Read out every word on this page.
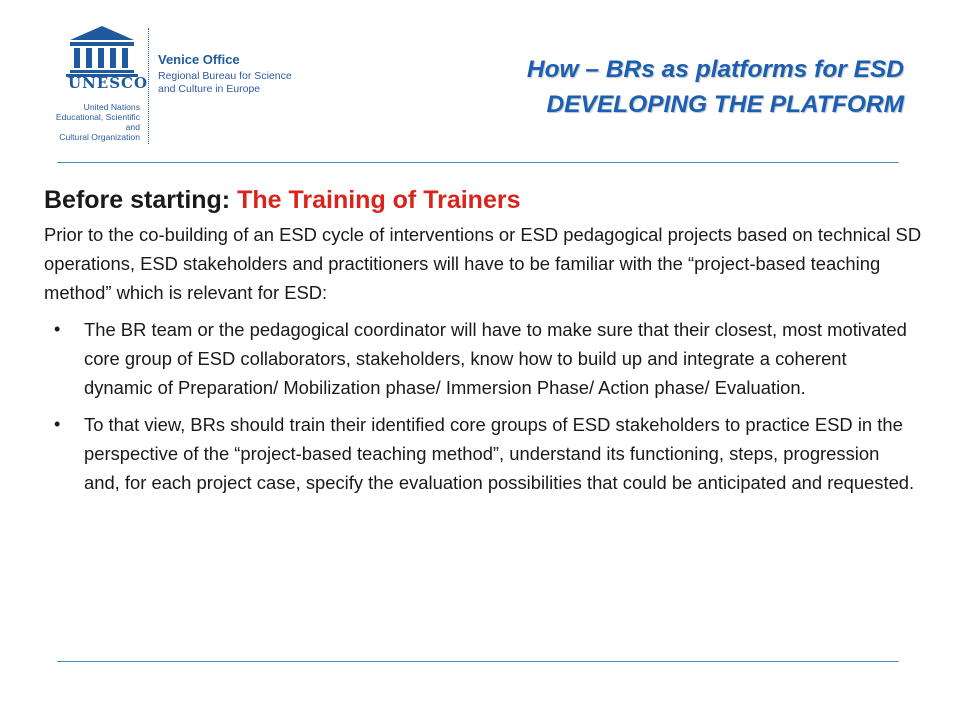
UNESCO
United Nations
Educational, Scientific and
Cultural Organization
Venice Office
Regional Bureau for Science
and Culture in Europe
How – BRs as platforms for ESD
DEVELOPING THE PLATFORM

Before starting: The Training of Trainers

Prior to the co-building of an ESD cycle of interventions or ESD pedagogical projects based on technical SD operations, ESD stakeholders and practitioners will have to be familiar with the “project-based teaching method” which is relevant for ESD:

• The BR team or the pedagogical coordinator will have to make sure that their closest, most motivated core group of ESD collaborators, stakeholders, know how to build up and integrate a coherent dynamic of Preparation/ Mobilization phase/ Immersion Phase/ Action phase/ Evaluation.
• To that view, BRs should train their identified core groups of ESD stakeholders to practice ESD in the perspective of the “project-based teaching method”, understand its functioning, steps, progression and, for each project case, specify the evaluation possibilities that could be anticipated and requested.
